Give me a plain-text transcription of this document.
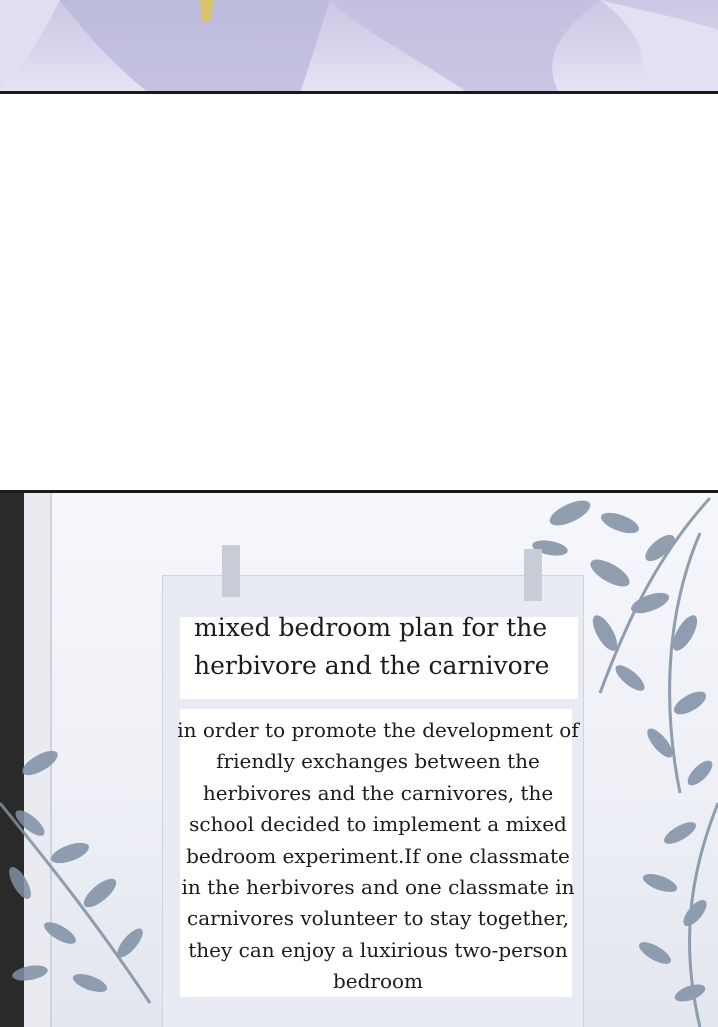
mixed bedroom plan for the herbivore and the carnivore
in order to promote the development of friendly exchanges between the herbivores and the carnivores, the school decided to implement a mixed bedroom experiment.If one classmate in the herbivores and one classmate in carnivores volunteer to stay together, they can enjoy a luxirious two-person bedroom
